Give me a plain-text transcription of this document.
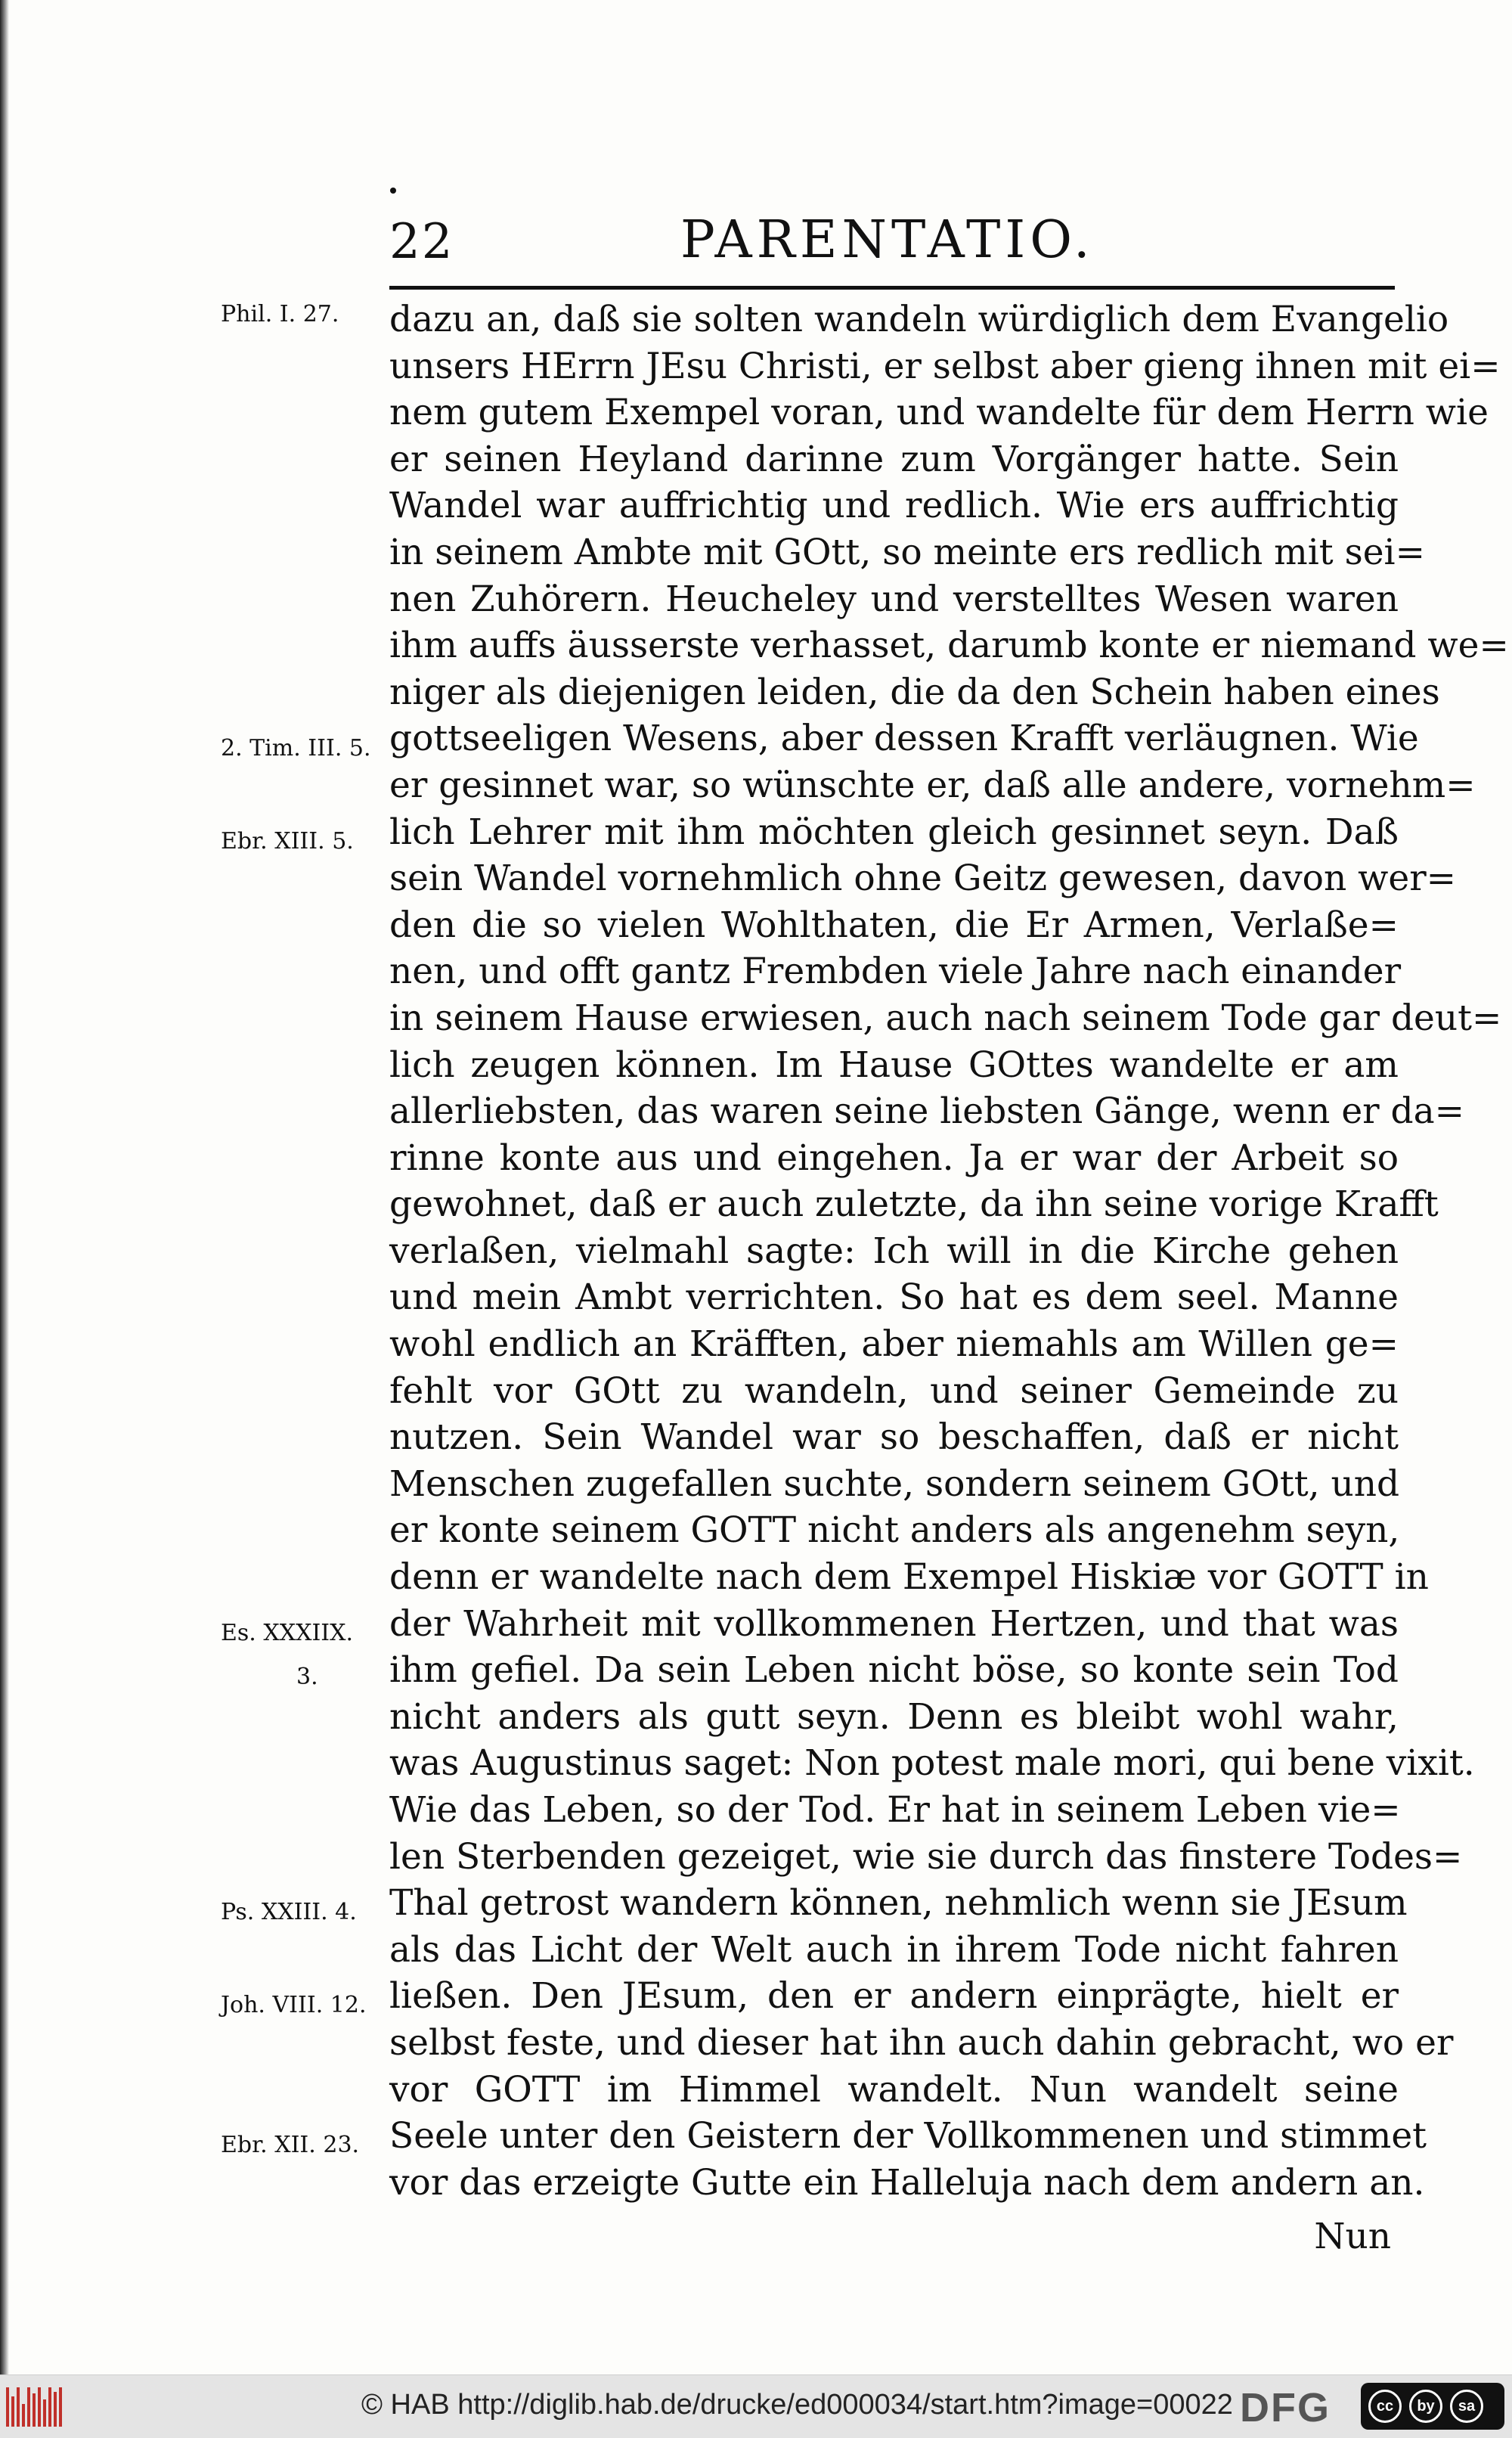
22	PARENTATIO.
dazu an, daß sie solten wandeln würdiglich dem Evangelio
unsers HErrn JEsu Christi, er selbst aber gieng ihnen mit ei=
nem gutem Exempel voran, und wandelte für dem Herrn wie
er seinen Heyland darinne zum Vorgänger hatte. Sein
Wandel war auffrichtig und redlich. Wie ers auffrichtig
in seinem Ambte mit GOtt, so meinte ers redlich mit sei=
nen Zuhörern. Heucheley und verstelltes Wesen waren
ihm auffs äusserste verhasset, darumb konte er niemand we=
niger als diejenigen leiden, die da den Schein haben eines
gottseeligen Wesens, aber dessen Krafft verläugnen. Wie
er gesinnet war, so wünschte er, daß alle andere, vornehm=
lich Lehrer mit ihm möchten gleich gesinnet seyn. Daß
sein Wandel vornehmlich ohne Geitz gewesen, davon wer=
den die so vielen Wohlthaten, die Er Armen, Verlaße=
nen, und offt gantz Frembden viele Jahre nach einander
in seinem Hause erwiesen, auch nach seinem Tode gar deut=
lich zeugen können. Im Hause GOttes wandelte er am
allerliebsten, das waren seine liebsten Gänge, wenn er da=
rinne konte aus und eingehen. Ja er war der Arbeit so
gewohnet, daß er auch zuletzte, da ihn seine vorige Krafft
verlaßen, vielmahl sagte: Ich will in die Kirche gehen
und mein Ambt verrichten. So hat es dem seel. Manne
wohl endlich an Kräfften, aber niemahls am Willen ge=
fehlt vor GOtt zu wandeln, und seiner Gemeinde zu
nutzen. Sein Wandel war so beschaffen, daß er nicht
Menschen zugefallen suchte, sondern seinem GOtt, und
er konte seinem GOTT nicht anders als angenehm seyn,
denn er wandelte nach dem Exempel Hiskiæ vor GOTT in
der Wahrheit mit vollkommenen Hertzen, und that was
ihm gefiel. Da sein Leben nicht böse, so konte sein Tod
nicht anders als gutt seyn. Denn es bleibt wohl wahr,
was Augustinus saget: Non potest male mori, qui bene vixit.
Wie das Leben, so der Tod. Er hat in seinem Leben vie=
len Sterbenden gezeiget, wie sie durch das finstere Todes=
Thal getrost wandern können, nehmlich wenn sie JEsum
als das Licht der Welt auch in ihrem Tode nicht fahren
ließen. Den JEsum, den er andern einprägte, hielt er
selbst feste, und dieser hat ihn auch dahin gebracht, wo er
vor GOTT im Himmel wandelt. Nun wandelt seine
Seele unter den Geistern der Vollkommenen und stimmet
vor das erzeigte Gutte ein Halleluja nach dem andern an.
Nun
Phil. I. 27.
2. Tim. III. 5.
Ebr. XIII. 5.
Es. XXXIIX.
3.
Ps. XXIII. 4.
Joh. VIII. 12.
Ebr. XII. 23.
© HAB http://diglib.hab.de/drucke/ed000034/start.htm?image=00022 DFG	cc	by	sa
